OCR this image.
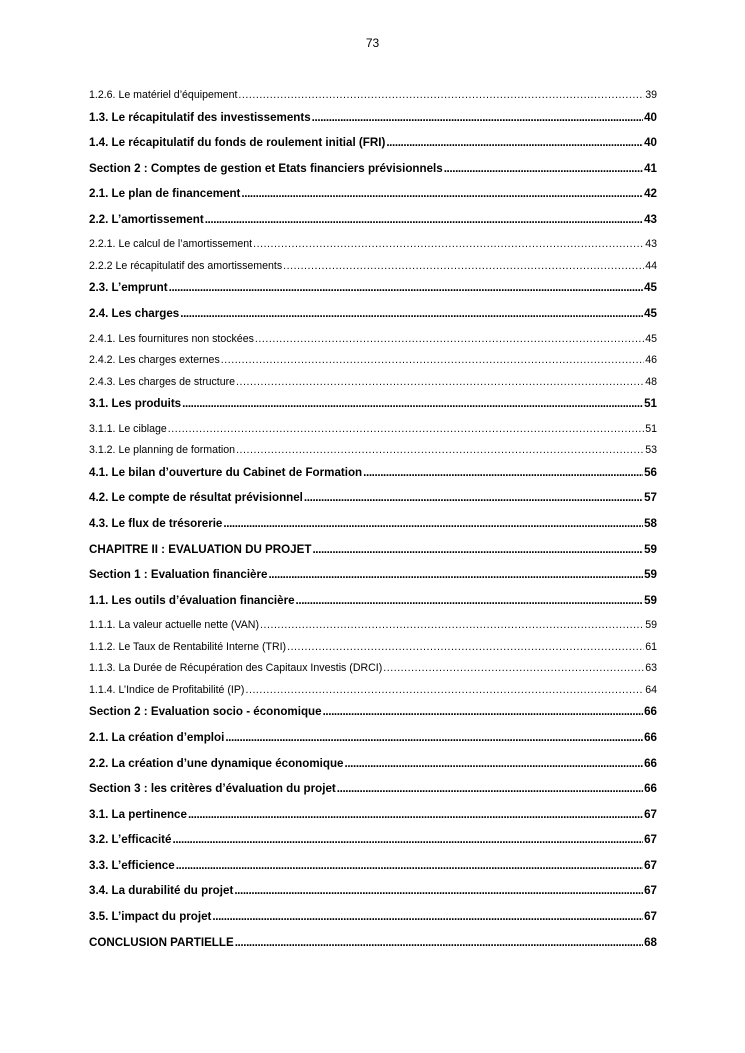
73
1.2.6. Le matériel d’équipement . . .	39
1.3. Le récapitulatif des investissements . . .	40
1.4. Le récapitulatif du fonds de roulement initial (FRI) . . .	40
Section 2 : Comptes de gestion et Etats financiers prévisionnels . . .	41
2.1. Le plan de financement . . .	42
2.2. L’amortissement . . .	43
2.2.1. Le calcul de l’amortissement . . .	43
2.2.2 Le récapitulatif des amortissements . . .	44
2.3. L’emprunt . . .	45
2.4. Les charges . . .	45
2.4.1. Les fournitures non stockées . . .	45
2.4.2. Les charges externes . . .	46
2.4.3. Les charges de structure . . .	48
3.1. Les produits . . .	51
3.1.1. Le ciblage . . .	51
3.1.2. Le planning de formation . . .	53
4.1. Le bilan d’ouverture du Cabinet de Formation . . .	56
4.2. Le compte de résultat prévisionnel . . .	57
4.3. Le flux de trésorerie . . .	58
CHAPITRE II : EVALUATION DU PROJET . . .	59
Section 1 : Evaluation financière . . .	59
1.1. Les outils d’évaluation financière . . .	59
1.1.1. La valeur actuelle nette (VAN) . . .	59
1.1.2. Le Taux de Rentabilité Interne (TRI) . . .	61
1.1.3. La Durée de Récupération des Capitaux Investis (DRCI) . . .	63
1.1.4. L’Indice de Profitabilité (IP) . . .	64
Section 2 : Evaluation socio - économique . . .	66
2.1. La création d’emploi . . .	66
2.2. La création d’une dynamique économique . . .	66
Section 3 : les critères d’évaluation du projet . . .	66
3.1. La pertinence . . .	67
3.2. L’efficacité . . .	67
3.3. L’efficience . . .	67
3.4. La durabilité du projet . . .	67
3.5. L’impact du projet . . .	67
CONCLUSION PARTIELLE . . .	68
